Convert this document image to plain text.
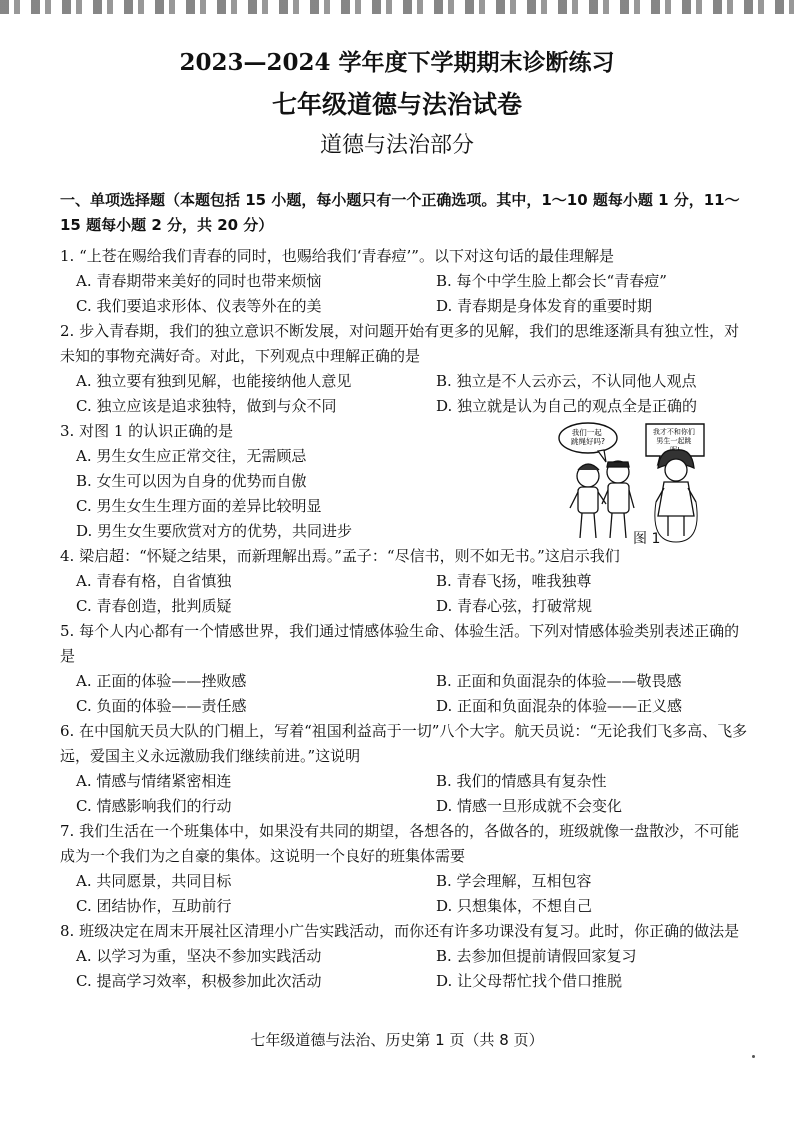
2023—2024 学年度下学期期末诊断练习
七年级道德与法治试卷
道德与法治部分
一、单项选择题（本题包括 15 小题，每小题只有一个正确选项。其中，1～10 题每小题 1 分，11～15 题每小题 2 分，共 20 分）
1. “上苍在赐给我们青春的同时，也赐给我们‘青春痘’”。以下对这句话的最佳理解是
A. 青春期带来美好的同时也带来烦恼	B. 每个中学生脸上都会长“青春痘”
C. 我们要追求形体、仪表等外在的美	D. 青春期是身体发育的重要时期
2. 步入青春期，我们的独立意识不断发展，对问题开始有更多的见解，我们的思维逐渐具有独立性，对未知的事物充满好奇。对此，下列观点中理解正确的是
A. 独立要有独到见解，也能接纳他人意见	B. 独立是不人云亦云，不认同他人观点
C. 独立应该是追求独特，做到与众不同	D. 独立就是认为自己的观点全是正确的
3. 对图 1 的认识正确的是
A. 男生女生应正常交往，无需顾忌
B. 女生可以因为自身的优势而自傲
C. 男生女生生理方面的差异比较明显
D. 男生女生要欣赏对方的优势，共同进步
4. 梁启超：“怀疑之结果，而新理解出焉。”孟子：“尽信书，则不如无书。”这启示我们
A. 青春有格，自省慎独	B. 青春飞扬，唯我独尊
C. 青春创造，批判质疑	D. 青春心弦，打破常规
5. 每个人内心都有一个情感世界，我们通过情感体验生命、体验生活。下列对情感体验类别表述正确的是
A. 正面的体验——挫败感	B. 正面和负面混杂的体验——敬畏感
C. 负面的体验——责任感	D. 正面和负面混杂的体验——正义感
6. 在中国航天员大队的门楣上，写着“祖国利益高于一切”八个大字。航天员说：“无论我们飞多高、飞多远，爱国主义永远激励我们继续前进。”这说明
A. 情感与情绪紧密相连	B. 我们的情感具有复杂性
C. 情感影响我们的行动	D. 情感一旦形成就不会变化
7. 我们生活在一个班集体中，如果没有共同的期望，各想各的，各做各的，班级就像一盘散沙，不可能成为一个我们为之自豪的集体。这说明一个良好的班集体需要
A. 共同愿景，共同目标	B. 学会理解，互相包容
C. 团结协作，互助前行	D. 只想集体，不想自己
8. 班级决定在周末开展社区清理小广告实践活动，而你还有许多功课没有复习。此时，你正确的做法是
A. 以学习为重，坚决不参加实践活动	B. 去参加但提前请假回家复习
C. 提高学习效率，积极参加此次活动	D. 让父母帮忙找个借口推脱
我们一起 跳绳好吗?
我才不和你们 男生一起跳
图 1
七年级道德与法治、历史第 1 页（共 8 页）
